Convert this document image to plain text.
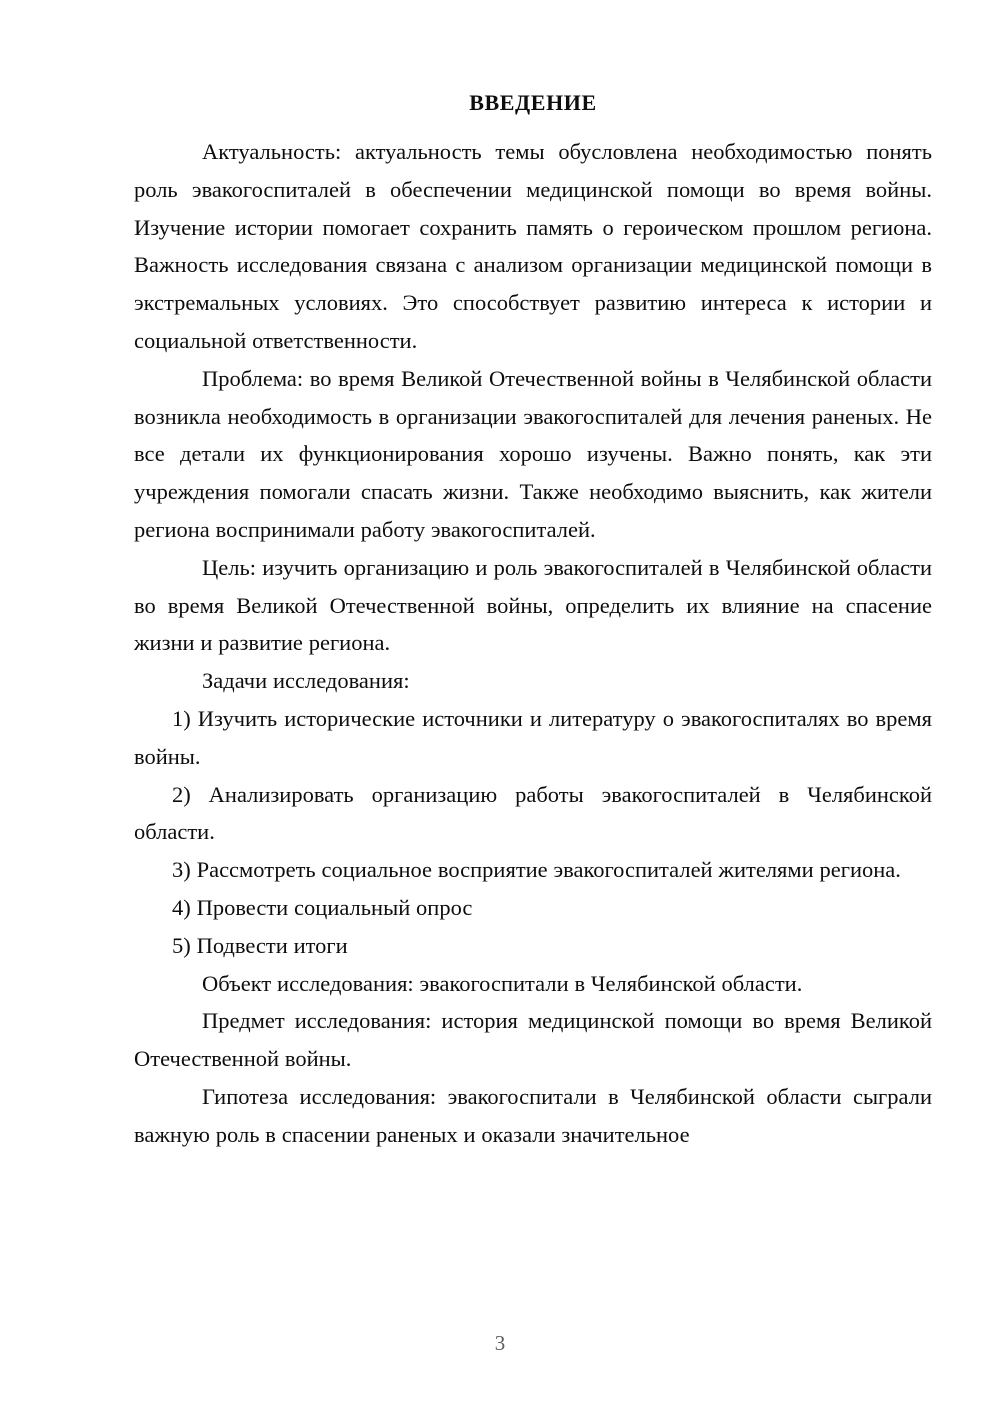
ВВЕДЕНИЕ

Актуальность: актуальность темы обусловлена необходимостью понять роль эвакогоспиталей в обеспечении медицинской помощи во время войны. Изучение истории помогает сохранить память о героическом прошлом региона. Важность исследования связана с анализом организации медицинской помощи в экстремальных условиях. Это способствует развитию интереса к истории и социальной ответственности.

Проблема: во время Великой Отечественной войны в Челябинской области возникла необходимость в организации эвакогоспиталей для лечения раненых. Не все детали их функционирования хорошо изучены. Важно понять, как эти учреждения помогали спасать жизни. Также необходимо выяснить, как жители региона воспринимали работу эвакогоспиталей.

Цель: изучить организацию и роль эвакогоспиталей в Челябинской области во время Великой Отечественной войны, определить их влияние на спасение жизни и развитие региона.

Задачи исследования:

1) Изучить исторические источники и литературу о эвакогоспиталях во время войны.

2) Анализировать организацию работы эвакогоспиталей в Челябинской области.

3) Рассмотреть социальное восприятие эвакогоспиталей жителями региона.

4) Провести социальный опрос

5) Подвести итоги

Объект исследования: эвакогоспитали в Челябинской области.

Предмет исследования: история медицинской помощи во время Великой Отечественной войны.

Гипотеза исследования: эвакогоспитали в Челябинской области сыграли важную роль в спасении раненых и оказали значительное

3
